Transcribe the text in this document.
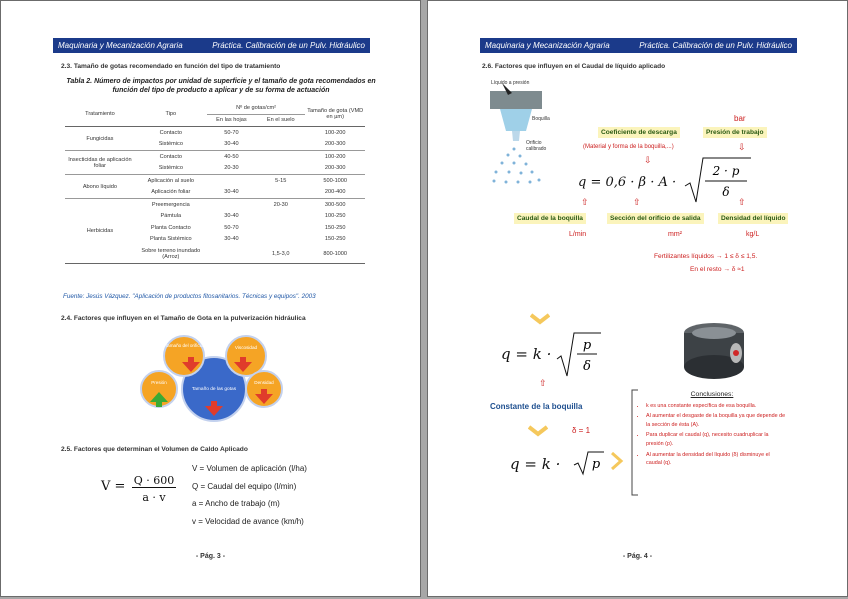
Maquinaria y Mecanización Agraria	Práctica. Calibración de un Pulv. Hidráulico
2.3. Tamaño de gotas recomendado en función del tipo de tratamiento
Tabla 2. Número de impactos por unidad de superficie y el tamaño de gota recomendados en función del tipo de producto a aplicar y de su forma de actuación
Tratamiento	Tipo	Nº de gotas/cm²		Tamaño de gota (VMD en µm)
		En las hojas	En el suelo	
Fungicidas	Contacto	50-70		100-200
	Sistémico	30-40		200-300
Insecticidas de aplicación foliar	Contacto	40-50		100-200
	Sistémico	20-30		200-300
Abono líquido	Aplicación al suelo		5-15	500-1000
	Aplicación foliar	30-40		200-400
Herbicidas	Preemergencia		20-30	300-500
	Pámtula	30-40		100-250
	Planta Contacto	50-70		150-250
	Planta Sistémico	30-40		150-250
	Sobre terreno inundado (Arroz)		1,5-3,0	800-1000
Fuente: Jesús Vázquez. "Aplicación de productos fitosanitarios. Técnicas y equipos". 2003
2.4. Factores que influyen en el Tamaño de Gota en la pulverización hidráulica
Tamaño del orificio	Viscosidad
Presión	Densidad
Tamaño de las gotas
2.5. Factores que determinan el Volumen de Caldo Aplicado
V = Q · 600
a · v
V = Volumen de aplicación (l/ha)
Q = Caudal del equipo (l/min)
a = Ancho de trabajo (m)
v = Velocidad de avance (km/h)
- Pág. 3 -
Maquinaria y Mecanización Agraria	Práctica. Calibración de un Pulv. Hidráulico
2.6. Factores que influyen en el Caudal de líquido aplicado
Líquido a presión
Boquilla
Orificio calibrado
bar
Coeficiente de descarga	Presión de trabajo
(Material y forma de la boquilla,...)	⇩
⇩
q = 0,6 · β · A ·
2 · p
δ
⇧	⇧	⇧
Caudal de la boquilla	Sección del orificio de salida	Densidad del líquido
L/min	mm²	kg/L
Fertilizantes líquidos → 1 ≤ δ ≤ 1,5.
En el resto → δ ≈1
q = k · p
δ
⇧
Constante de la boquilla
δ = 1
q = k · p
Conclusiones:
• k es una constante específica de esa boquilla.
• Al aumentar el desgaste de la boquilla ya que depende de la sección de ésta (A).
• Para duplicar el caudal (q), necesito cuadruplicar la presión (p).
• Al aumentar la densidad del líquido (δ) disminuye el caudal (q).
- Pág. 4 -
